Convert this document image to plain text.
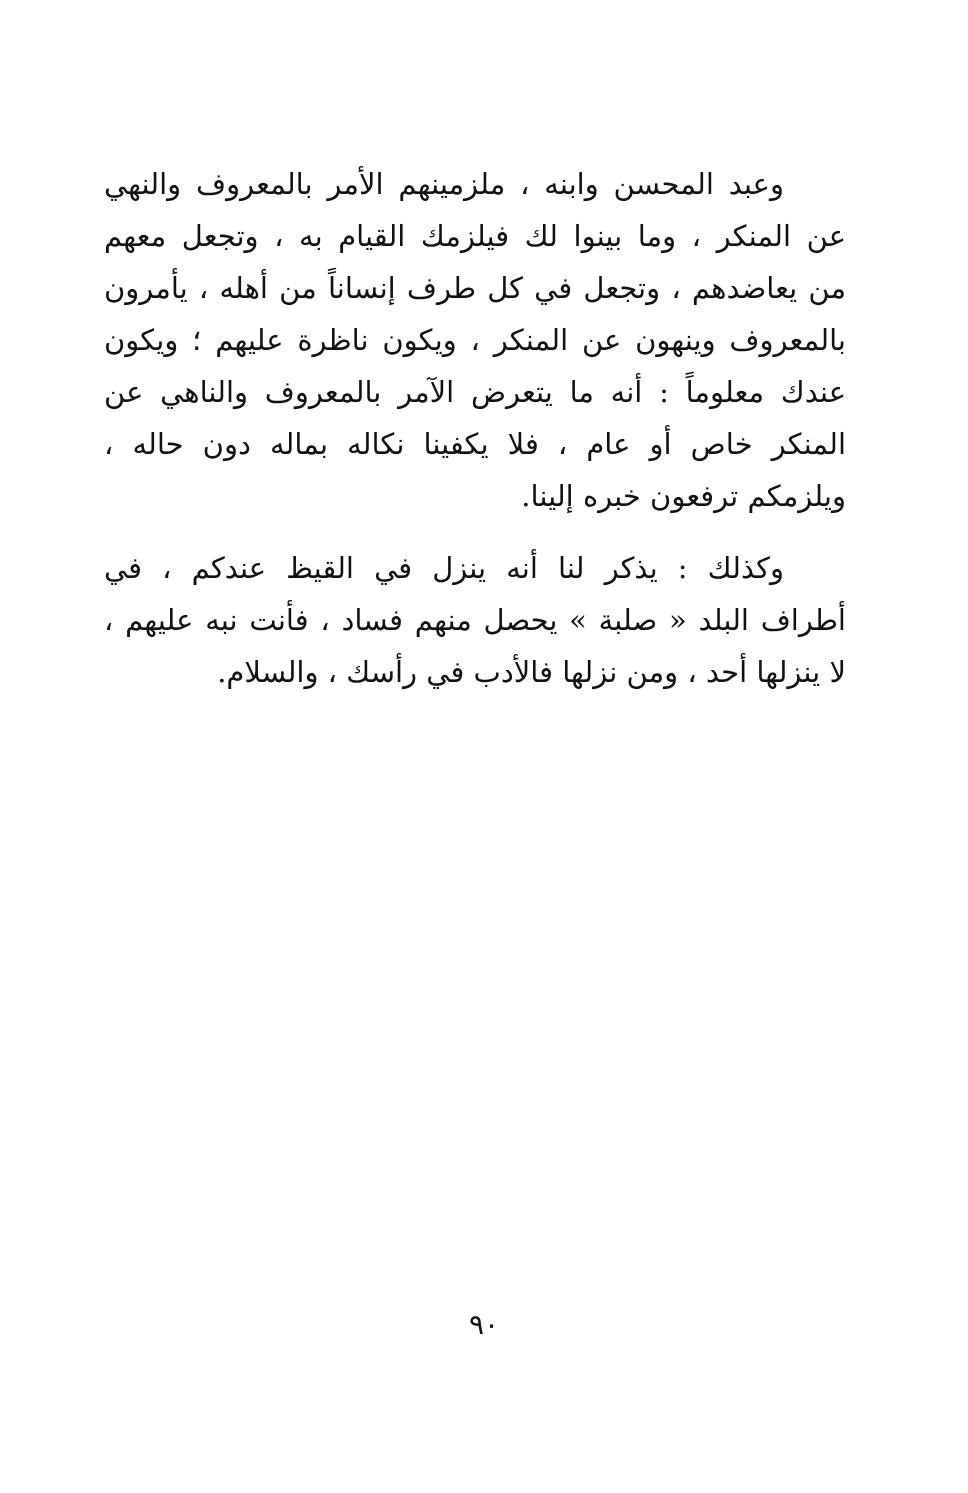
وعبد المحسن وابنه ، ملزمينهم الأمر بالمعروف والنهي
عن المنكر ، وما بينوا لك فيلزمك القيام به ، وتجعل معهم
من يعاضدهم ، وتجعل في كل طرف إنساناً من أهله ، يأمرون
بالمعروف وينهون عن المنكر ، ويكون ناظرة عليهم ؛ ويكون
عندك معلوماً : أنه ما يتعرض الآمر بالمعروف والناهي عن
المنكر خاص أو عام ، فلا يكفينا نكاله بماله دون حاله ،
ويلزمكم ترفعون خبره إلينا.

وكذلك : يذكر لنا أنه ينزل في القيظ عندكم ، في
أطراف البلد « صلبة » يحصل منهم فساد ، فأنت نبه عليهم ،
لا ينزلها أحد ، ومن نزلها فالأدب في رأسك ، والسلام.

٩٠
